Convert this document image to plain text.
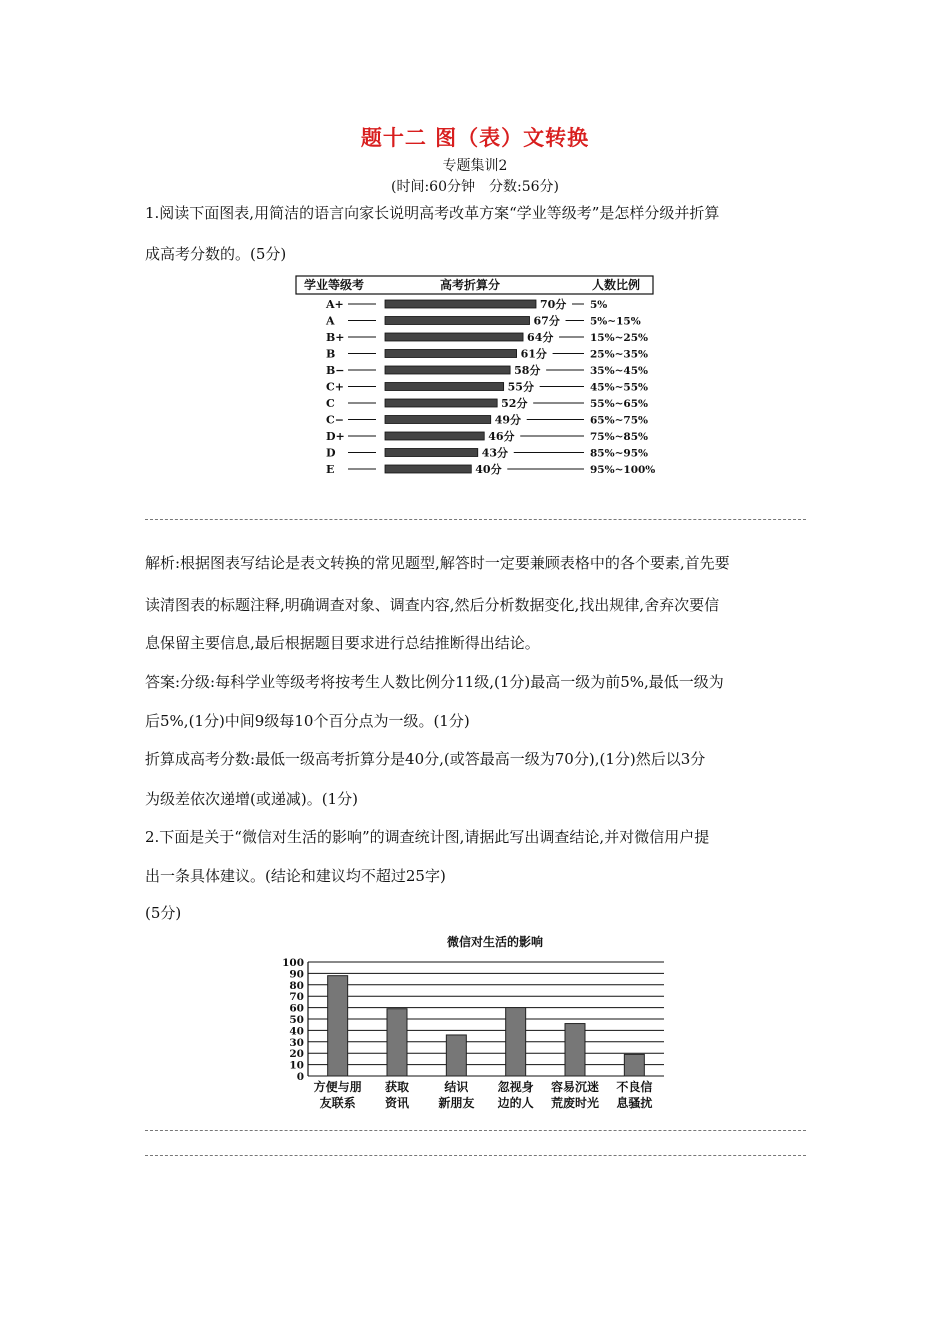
题十二 图（表）文转换
专题集训2
(时间:60分钟　分数:56分)
1.阅读下面图表,用简洁的语言向家长说明高考改革方案“学业等级考”是怎样分级并折算
成高考分数的。(5分)
学业等级考	高考折算分	人数比例
A+	70分 5%
A	67分	5%~15%
B+	64分	15%~25%
B	61分	25%~35%
B−	58分	35%~45%
C+	55分	45%~55%
C	52分	55%~65%
C−	49分	65%~75%
D+	46分	75%~85%
D	43分	85%~95%
E	40分	95%~100%
解析:根据图表写结论是表文转换的常见题型,解答时一定要兼顾表格中的各个要素,首先要
读清图表的标题注释,明确调查对象、调查内容,然后分析数据变化,找出规律,舍弃次要信
息保留主要信息,最后根据题目要求进行总结推断得出结论。
答案:分级:每科学业等级考将按考生人数比例分11级,(1分)最高一级为前5%,最低一级为
后5%,(1分)中间9级每10个百分点为一级。(1分)
折算成高考分数:最低一级高考折算分是40分,(或答最高一级为70分),(1分)然后以3分
为级差依次递增(或递减)。(1分)
2.下面是关于“微信对生活的影响”的调查统计图,请据此写出调查结论,并对微信用户提
出一条具体建议。(结论和建议均不超过25字)
(5分)
微信对生活的影响
0
10
20
30
40
50
60
70
80
90
100
方便与朋
友联系
获取
资讯
结识
新朋友
忽视身
边的人
容易沉迷
荒废时光
不良信
息骚扰
